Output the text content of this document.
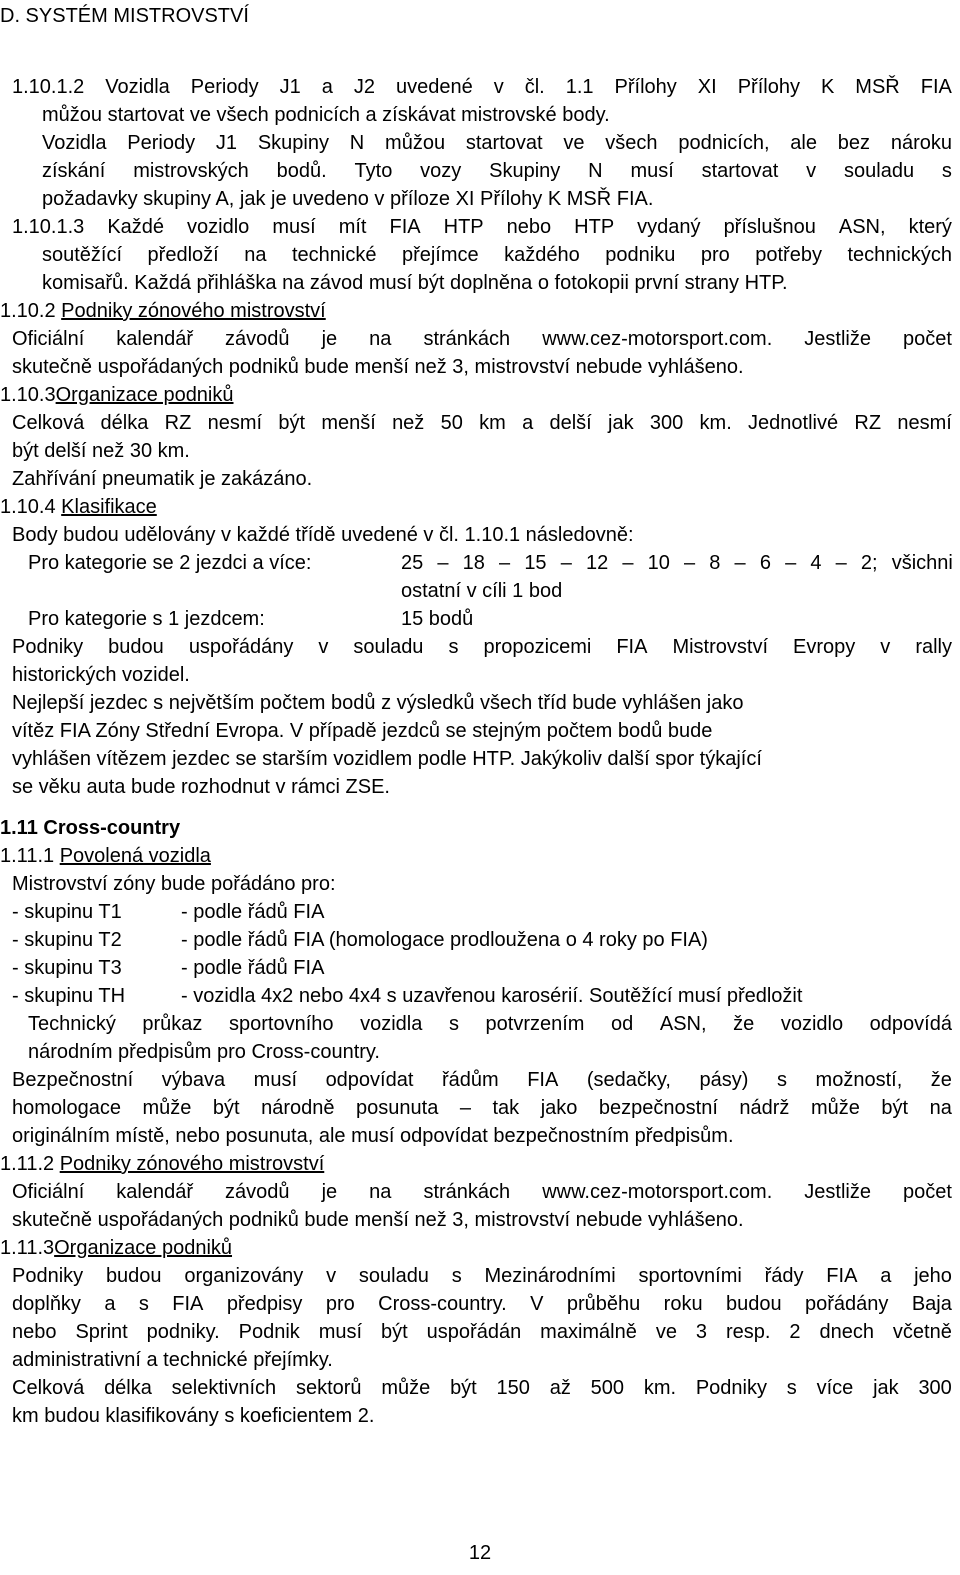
D. SYSTÉM MISTROVSTVÍ
1.10.1.2 Vozidla Periody J1 a J2 uvedené v čl. 1.1 Přílohy XI Přílohy K MSŘ FIA
můžou startovat ve všech podnicích a získávat mistrovské body.
Vozidla Periody J1 Skupiny N můžou startovat ve všech podnicích, ale bez nároku
získání mistrovských bodů. Tyto vozy Skupiny N musí startovat v souladu s
požadavky skupiny A, jak je uvedeno v příloze XI Přílohy K MSŘ FIA.
1.10.1.3 Každé vozidlo musí mít FIA HTP nebo HTP vydaný příslušnou ASN, který
soutěžící předloží na technické přejímce každého podniku pro potřeby technických
komisařů. Každá přihláška na závod musí být doplněna o fotokopii první strany HTP.
1.10.2 Podniky zónového mistrovství
Oficiální kalendář závodů je na stránkách www.cez-motorsport.com. Jestliže počet
skutečně uspořádaných podniků bude menší než 3, mistrovství nebude vyhlášeno.
1.10.3Organizace podniků
Celková délka RZ nesmí být menší než 50 km a delší jak 300 km. Jednotlivé RZ nesmí
být delší než 30 km.
Zahřívání pneumatik je zakázáno.
1.10.4 Klasifikace
Body budou udělovány v každé třídě uvedené v čl. 1.10.1 následovně:
Pro kategorie se 2 jezdci a více:	25 – 18 – 15 – 12 – 10 – 8 – 6 – 4 – 2; všichni
ostatní v cíli 1 bod
Pro kategorie s 1 jezdcem:	15 bodů
Podniky budou uspořádány v souladu s propozicemi FIA Mistrovství Evropy v rally
historických vozidel.
Nejlepší jezdec s největším počtem bodů z výsledků všech tříd bude vyhlášen jako
vítěz FIA Zóny Střední Evropa. V případě jezdců se stejným počtem bodů bude
vyhlášen vítězem jezdec se starším vozidlem podle HTP. Jakýkoliv další spor týkající
se věku auta bude rozhodnut v rámci ZSE.
1.11 Cross-country
1.11.1 Povolená vozidla
Mistrovství zóny bude pořádáno pro:
- skupinu T1	- podle řádů FIA
- skupinu T2	- podle řádů FIA (homologace prodloužena o 4 roky po FIA)
- skupinu T3	- podle řádů FIA
- skupinu TH	- vozidla 4x2 nebo 4x4 s uzavřenou karosérií. Soutěžící musí předložit
Technický průkaz sportovního vozidla s potvrzením od ASN, že vozidlo odpovídá
národním předpisům pro Cross-country.
Bezpečnostní výbava musí odpovídat řádům FIA (sedačky, pásy) s možností, že
homologace může být národně posunuta – tak jako bezpečnostní nádrž může být na
originálním místě, nebo posunuta, ale musí odpovídat bezpečnostním předpisům.
1.11.2 Podniky zónového mistrovství
Oficiální kalendář závodů je na stránkách www.cez-motorsport.com. Jestliže počet
skutečně uspořádaných podniků bude menší než 3, mistrovství nebude vyhlášeno.
1.11.3Organizace podniků
Podniky budou organizovány v souladu s Mezinárodními sportovními řády FIA a jeho
doplňky a s FIA předpisy pro Cross-country. V průběhu roku budou pořádány Baja
nebo Sprint podniky. Podnik musí být uspořádán maximálně ve 3 resp. 2 dnech včetně
administrativní a technické přejímky.
Celková délka selektivních sektorů může být 150 až 500 km. Podniky s více jak 300
km budou klasifikovány s koeficientem 2.
12
